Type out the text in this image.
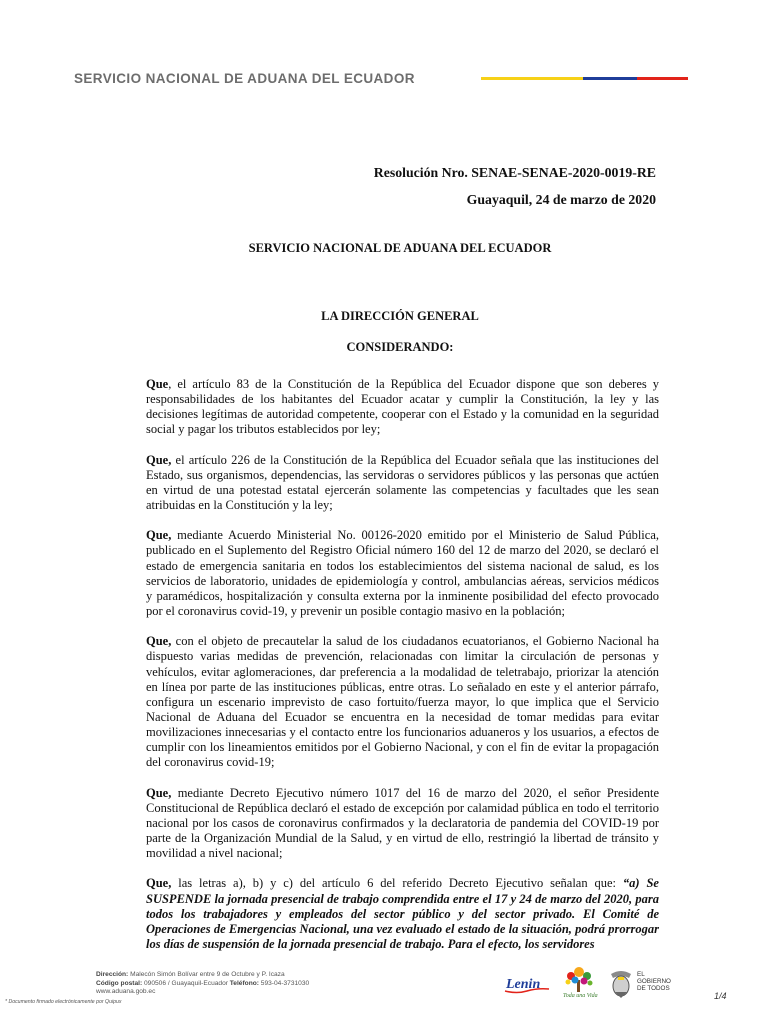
SERVICIO NACIONAL DE ADUANA DEL ECUADOR
Resolución Nro. SENAE-SENAE-2020-0019-RE
Guayaquil, 24 de marzo de 2020
SERVICIO NACIONAL DE ADUANA DEL ECUADOR
LA DIRECCIÓN GENERAL
CONSIDERANDO:

Que, el artículo 83 de la Constitución de la República del Ecuador dispone que son deberes y responsabilidades de los habitantes del Ecuador acatar y cumplir la Constitución, la ley y las decisiones legítimas de autoridad competente, cooperar con el Estado y la comunidad en la seguridad social y pagar los tributos establecidos por ley;

Que, el artículo 226 de la Constitución de la República del Ecuador señala que las instituciones del Estado, sus organismos, dependencias, las servidoras o servidores públicos y las personas que actúen en virtud de una potestad estatal ejercerán solamente las competencias y facultades que les sean atribuidas en la Constitución y la ley;

Que, mediante Acuerdo Ministerial No. 00126-2020 emitido por el Ministerio de Salud Pública, publicado en el Suplemento del Registro Oficial número 160 del 12 de marzo del 2020, se declaró el estado de emergencia sanitaria en todos los establecimientos del sistema nacional de salud, es los servicios de laboratorio, unidades de epidemiología y control, ambulancias aéreas, servicios médicos y paramédicos, hospitalización y consulta externa por la inminente posibilidad del efecto provocado por el coronavirus covid-19, y prevenir un posible contagio masivo en la población;

Que, con el objeto de precautelar la salud de los ciudadanos ecuatorianos, el Gobierno Nacional ha dispuesto varias medidas de prevención, relacionadas con limitar la circulación de personas y vehículos, evitar aglomeraciones, dar preferencia a la modalidad de teletrabajo, priorizar la atención en línea por parte de las instituciones públicas, entre otras. Lo señalado en este y el anterior párrafo, configura un escenario imprevisto de caso fortuito/fuerza mayor, lo que implica que el Servicio Nacional de Aduana del Ecuador se encuentra en la necesidad de tomar medidas para evitar movilizaciones innecesarias y el contacto entre los funcionarios aduaneros y los usuarios, a efectos de cumplir con los lineamientos emitidos por el Gobierno Nacional, y con el fin de evitar la propagación del coronavirus covid-19;

Que, mediante Decreto Ejecutivo número 1017 del 16 de marzo del 2020, el señor Presidente Constitucional de República declaró el estado de excepción por calamidad pública en todo el territorio nacional por los casos de coronavirus confirmados y la declaratoria de pandemia del COVID-19 por parte de la Organización Mundial de la Salud, y en virtud de ello, restringió la libertad de tránsito y movilidad a nivel nacional;

Que, las letras a), b) y c) del artículo 6 del referido Decreto Ejecutivo señalan que: “a) Se SUSPENDE la jornada presencial de trabajo comprendida entre el 17 y 24 de marzo del 2020, para todos los trabajadores y empleados del sector público y del sector privado. El Comité de Operaciones de Emergencias Nacional, una vez evaluado el estado de la situación, podrá prorrogar los días de suspensión de la jornada presencial de trabajo. Para el efecto, los servidores

Dirección: Malecón Simón Bolívar entre 9 de Octubre y P. Icaza
Código postal: 090506 / Guayaquil-Ecuador Teléfono: 593-04-3731030
www.aduana.gob.ec
* Documento firmado electrónicamente por Quipux
Lenin
Toda una Vida
EL
GOBIERNO
DE TODOS
1/4
